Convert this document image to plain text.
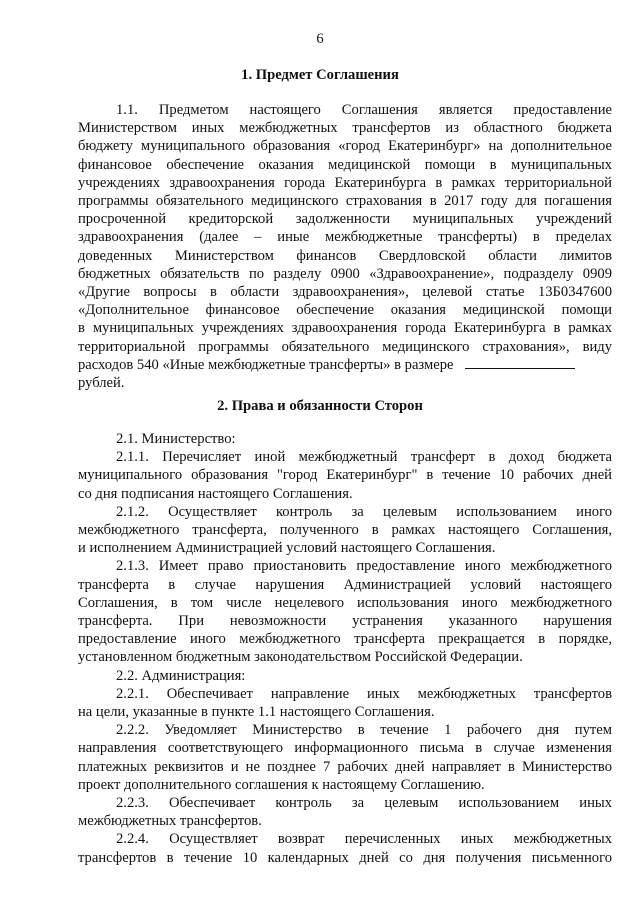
6
1. Предмет Соглашения
1.1. Предметом настоящего Соглашения является предоставление
Министерством иных межбюджетных трансфертов из областного бюджета
бюджету муниципального образования «город Екатеринбург» на дополнительное
финансовое обеспечение оказания медицинской помощи в муниципальных
учреждениях здравоохранения города Екатеринбурга в рамках территориальной
программы обязательного медицинского страхования в 2017 году для погашения
просроченной кредиторской задолженности муниципальных учреждений
здравоохранения (далее – иные межбюджетные трансферты) в пределах
доведенных Министерством финансов Свердловской области лимитов
бюджетных обязательств по разделу 0900 «Здравоохранение», подразделу 0909
«Другие вопросы в области здравоохранения», целевой статье 13Б0347600
«Дополнительное финансовое обеспечение оказания медицинской помощи
в муниципальных учреждениях здравоохранения города Екатеринбурга в рамках
территориальной программы обязательного медицинского страхования», виду
расходов 540 «Иные межбюджетные трансферты» в размере
рублей.
2. Права и обязанности Сторон
2.1. Министерство:
2.1.1. Перечисляет иной межбюджетный трансферт в доход бюджета
муниципального образования "город Екатеринбург" в течение 10 рабочих дней
со дня подписания настоящего Соглашения.
2.1.2. Осуществляет контроль за целевым использованием иного
межбюджетного трансферта, полученного в рамках настоящего Соглашения,
и исполнением Администрацией условий настоящего Соглашения.
2.1.3. Имеет право приостановить предоставление иного межбюджетного
трансферта в случае нарушения Администрацией условий настоящего
Соглашения, в том числе нецелевого использования иного межбюджетного
трансферта. При невозможности устранения указанного нарушения
предоставление иного межбюджетного трансферта прекращается в порядке,
установленном бюджетным законодательством Российской Федерации.
2.2. Администрация:
2.2.1. Обеспечивает направление иных межбюджетных трансфертов
на цели, указанные в пункте 1.1 настоящего Соглашения.
2.2.2. Уведомляет Министерство в течение 1 рабочего дня путем
направления соответствующего информационного письма в случае изменения
платежных реквизитов и не позднее 7 рабочих дней направляет в Министерство
проект дополнительного соглашения к настоящему Соглашению.
2.2.3. Обеспечивает контроль за целевым использованием иных
межбюджетных трансфертов.
2.2.4. Осуществляет возврат перечисленных иных межбюджетных
трансфертов в течение 10 календарных дней со дня получения письменного
